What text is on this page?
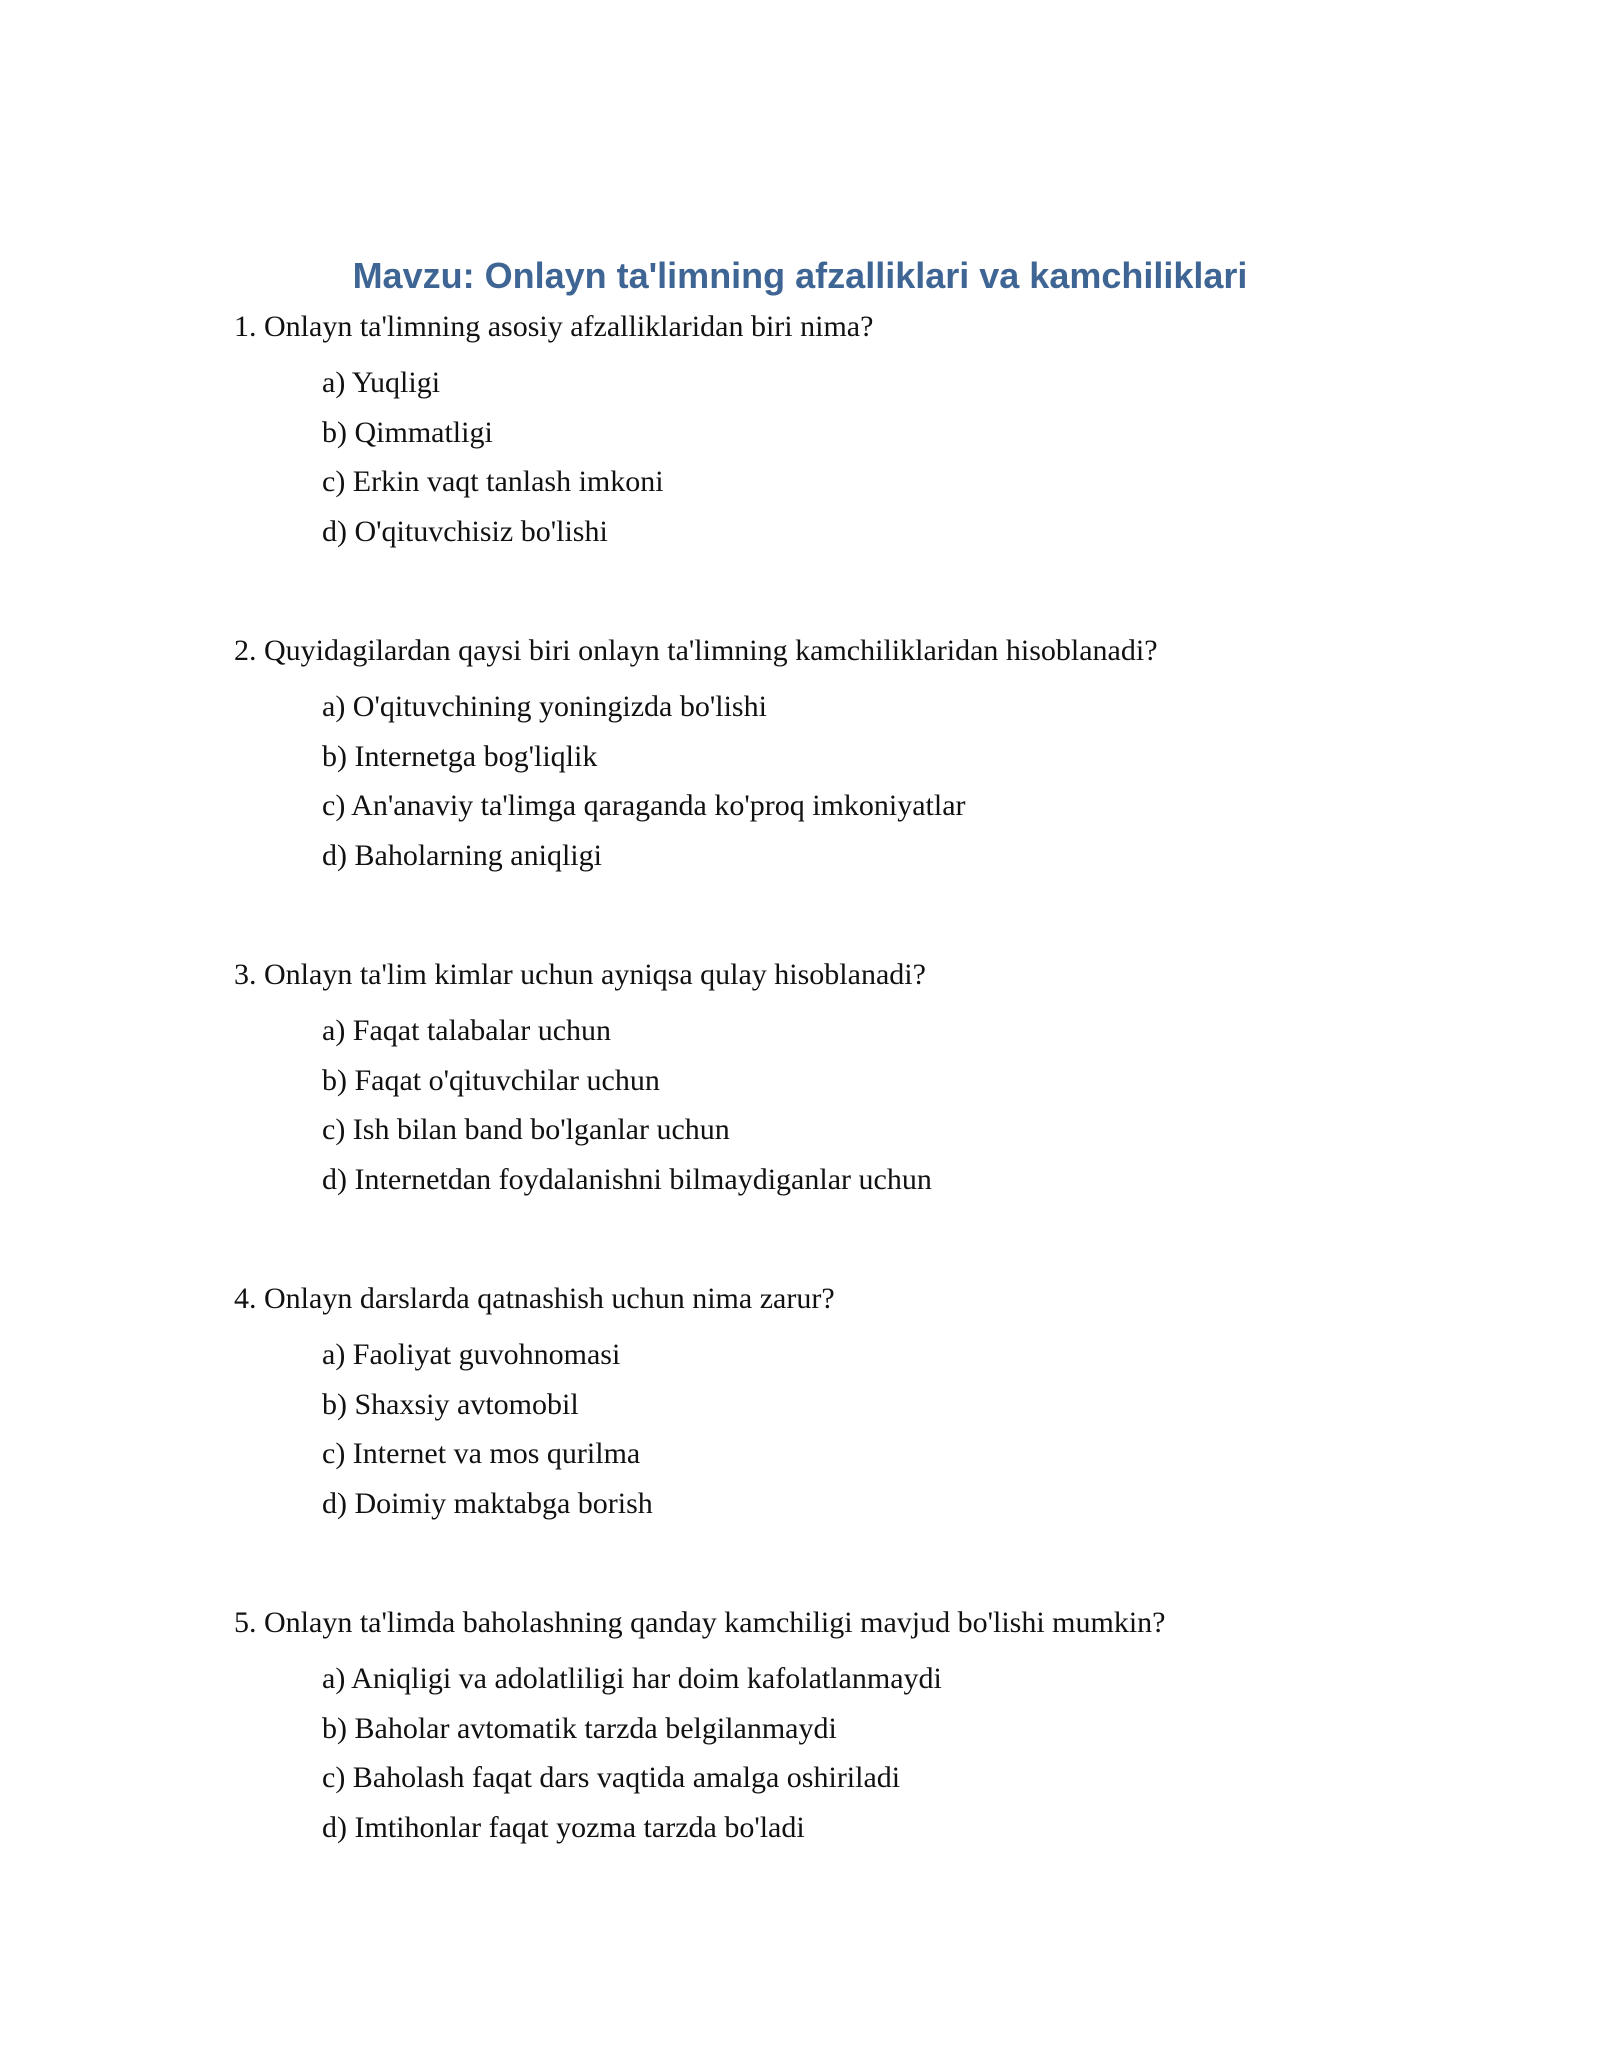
Mavzu: Onlayn ta'limning afzalliklari va kamchiliklari

1. Onlayn ta'limning asosiy afzalliklaridan biri nima?

a) Yuqligi
b) Qimmatligi
c) Erkin vaqt tanlash imkoni
d) O'qituvchisiz bo'lishi

2. Quyidagilardan qaysi biri onlayn ta'limning kamchiliklaridan hisoblanadi?

a) O'qituvchining yoningizda bo'lishi
b) Internetga bog'liqlik
c) An'anaviy ta'limga qaraganda ko'proq imkoniyatlar
d) Baholarning aniqligi

3. Onlayn ta'lim kimlar uchun ayniqsa qulay hisoblanadi?

a) Faqat talabalar uchun
b) Faqat o'qituvchilar uchun
c) Ish bilan band bo'lganlar uchun
d) Internetdan foydalanishni bilmaydiganlar uchun

4. Onlayn darslarda qatnashish uchun nima zarur?

a) Faoliyat guvohnomasi
b) Shaxsiy avtomobil
c) Internet va mos qurilma
d) Doimiy maktabga borish

5. Onlayn ta'limda baholashning qanday kamchiligi mavjud bo'lishi mumkin?

a) Aniqligi va adolatliligi har doim kafolatlanmaydi
b) Baholar avtomatik tarzda belgilanmaydi
c) Baholash faqat dars vaqtida amalga oshiriladi
d) Imtihonlar faqat yozma tarzda bo'ladi
